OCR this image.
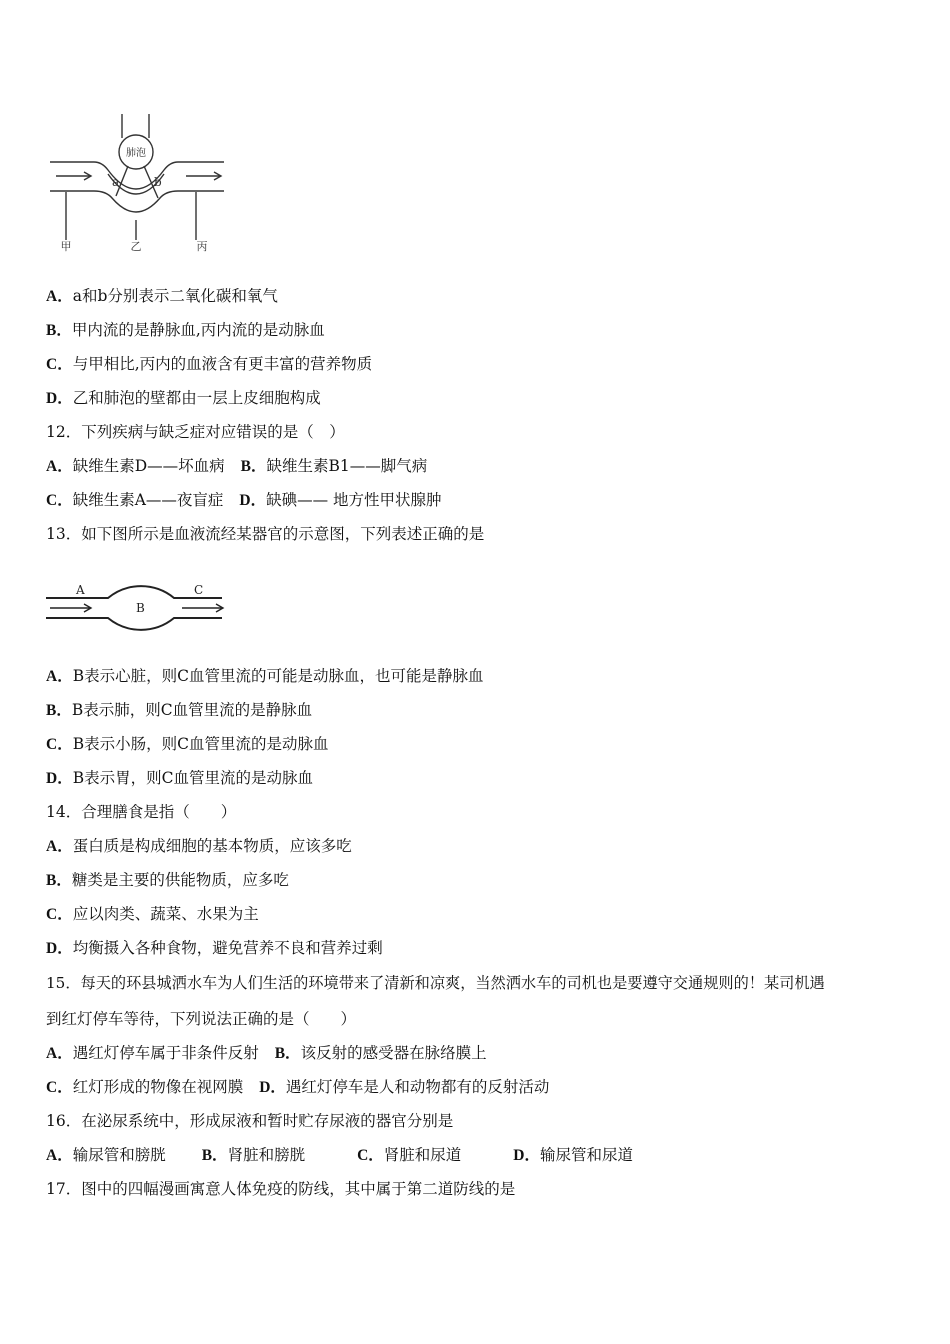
肺泡
a	b
甲	乙	丙
A．a和b分别表示二氧化碳和氧气
B．甲内流的是静脉血,丙内流的是动脉血
C．与甲相比,丙内的血液含有更丰富的营养物质
D．乙和肺泡的壁都由一层上皮细胞构成
12．下列疾病与缺乏症对应错误的是（　）
A．缺维生素D——坏血病 B．缺维生素B1——脚气病
C．缺维生素A——夜盲症 D．缺碘—— 地方性甲状腺肿
13．如下图所示是血液流经某器官的示意图，下列表述正确的是
A
B
C
A．B表示心脏，则C血管里流的可能是动脉血，也可能是静脉血
B．B表示肺，则C血管里流的是静脉血
C．B表示小肠，则C血管里流的是动脉血
D．B表示胃，则C血管里流的是动脉血
14．合理膳食是指（　　）
A．蛋白质是构成细胞的基本物质，应该多吃
B．糖类是主要的供能物质，应多吃
C．应以肉类、蔬菜、水果为主
D．均衡摄入各种食物，避免营养不良和营养过剩
15．每天的环县城洒水车为人们生活的环境带来了清新和凉爽，当然洒水车的司机也是要遵守交通规则的！某司机遇
到红灯停车等待，下列说法正确的是（　　）
A．遇红灯停车属于非条件反射 B．该反射的感受器在脉络膜上
C．红灯形成的物像在视网膜 D．遇红灯停车是人和动物都有的反射活动
16．在泌尿系统中，形成尿液和暂时贮存尿液的器官分别是
A．输尿管和膀胱 B．肾脏和膀胱	C．肾脏和尿道	D．输尿管和尿道
17．图中的四幅漫画寓意人体免疫的防线，其中属于第二道防线的是
